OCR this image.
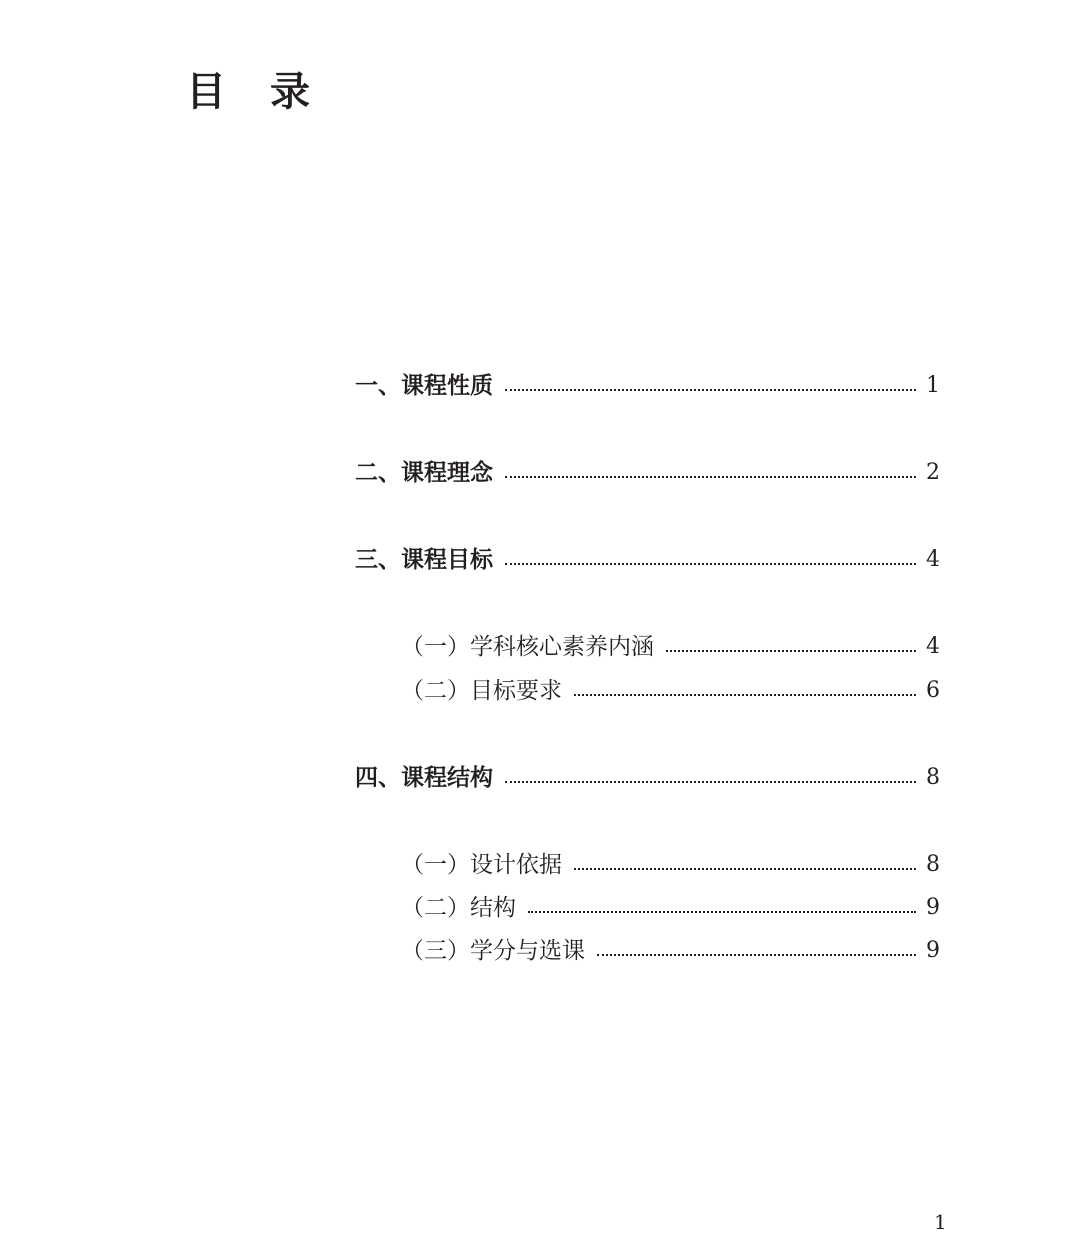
目 录
一、课程性质	1
二、课程理念	2
三、课程目标	4
（一）学科核心素养内涵	4
（二）目标要求	6
四、课程结构	8
（一）设计依据	8
（二）结构	9
（三）学分与选课	9
1
